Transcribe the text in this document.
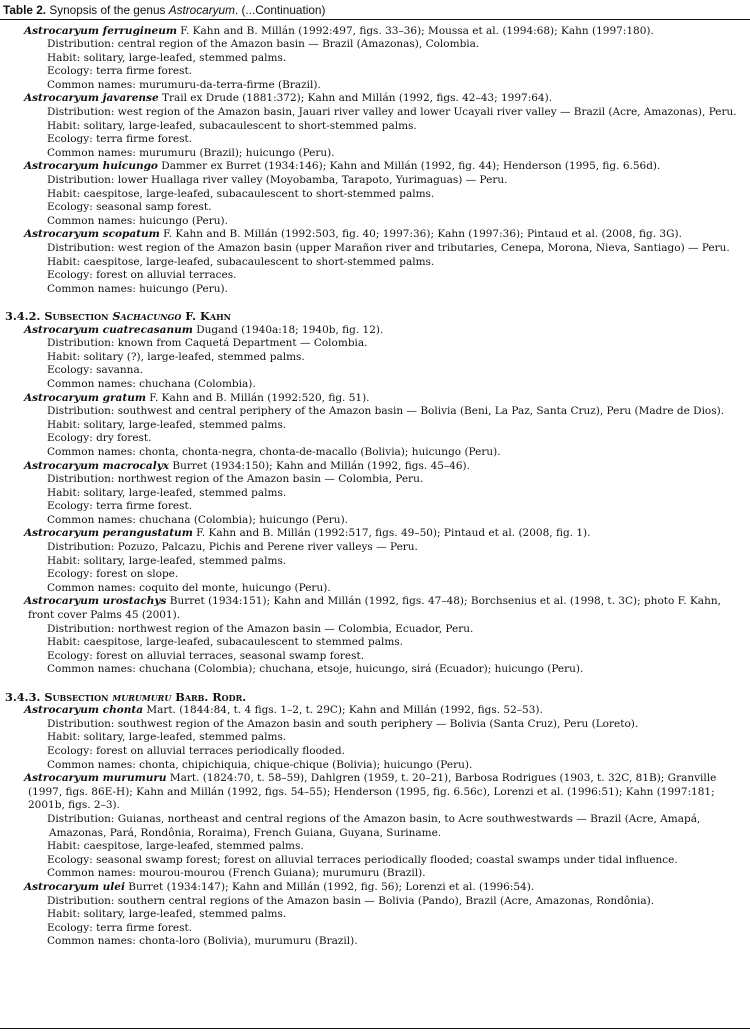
Table 2. Synopsis of the genus Astrocaryum. (...Continuation)
Astrocaryum ferrugineum F. Kahn and B. Millán (1992:497, figs. 33–36); Moussa et al. (1994:68); Kahn (1997:180).
Distribution: central region of the Amazon basin — Brazil (Amazonas), Colombia.
Habit: solitary, large-leafed, stemmed palms.
Ecology: terra firme forest.
Common names: murumuru-da-terra-firme (Brazil).
Astrocaryum javarense Trail ex Drude (1881:372); Kahn and Millán (1992, figs. 42–43; 1997:64).
Distribution: west region of the Amazon basin, Jauari river valley and lower Ucayali river valley — Brazil (Acre, Amazonas), Peru.
Habit: solitary, large-leafed, subacaulescent to short-stemmed palms.
Ecology: terra firme forest.
Common names: murumuru (Brazil); huicungo (Peru).
Astrocaryum huicungo Dammer ex Burret (1934:146); Kahn and Millán (1992, fig. 44); Henderson (1995, fig. 6.56d).
Distribution: lower Huallaga river valley (Moyobamba, Tarapoto, Yurimaguas) — Peru.
Habit: caespitose, large-leafed, subacaulescent to short-stemmed palms.
Ecology: seasonal samp forest.
Common names: huicungo (Peru).
Astrocaryum scopatum F. Kahn and B. Millán (1992:503, fig. 40; 1997:36); Kahn (1997:36); Pintaud et al. (2008, fig. 3G).
Distribution: west region of the Amazon basin (upper Marañon river and tributaries, Cenepa, Morona, Nieva, Santiago) — Peru.
Habit: caespitose, large-leafed, subacaulescent to short-stemmed palms.
Ecology: forest on alluvial terraces.
Common names: huicungo (Peru).
3.4.2. Subsection Sachacungo F. Kahn
Astrocaryum cuatrecasanum Dugand (1940a:18; 1940b, fig. 12).
Distribution: known from Caquetá Department — Colombia.
Habit: solitary (?), large-leafed, stemmed palms.
Ecology: savanna.
Common names: chuchana (Colombia).
Astrocaryum gratum F. Kahn and B. Millán (1992:520, fig. 51).
Distribution: southwest and central periphery of the Amazon basin — Bolivia (Beni, La Paz, Santa Cruz), Peru (Madre de Dios).
Habit: solitary, large-leafed, stemmed palms.
Ecology: dry forest.
Common names: chonta, chonta-negra, chonta-de-macallo (Bolivia); huicungo (Peru).
Astrocaryum macrocalyx Burret (1934:150); Kahn and Millán (1992, figs. 45–46).
Distribution: northwest region of the Amazon basin — Colombia, Peru.
Habit: solitary, large-leafed, stemmed palms.
Ecology: terra firme forest.
Common names: chuchana (Colombia); huicungo (Peru).
Astrocaryum perangustatum F. Kahn and B. Millán (1992:517, figs. 49–50); Pintaud et al. (2008, fig. 1).
Distribution: Pozuzo, Palcazu, Pichis and Perene river valleys — Peru.
Habit: solitary, large-leafed, stemmed palms.
Ecology: forest on slope.
Common names: coquito del monte, huicungo (Peru).
Astrocaryum urostachys Burret (1934:151); Kahn and Millán (1992, figs. 47–48); Borchsenius et al. (1998, t. 3C); photo F. Kahn, front cover Palms 45 (2001).
Distribution: northwest region of the Amazon basin — Colombia, Ecuador, Peru.
Habit: caespitose, large-leafed, subacaulescent to stemmed palms.
Ecology: forest on alluvial terraces, seasonal swamp forest.
Common names: chuchana (Colombia); chuchana, etsoje, huicungo, sirá (Ecuador); huicungo (Peru).
3.4.3. Subsection murumuru Barb. Rodr.
Astrocaryum chonta Mart. (1844:84, t. 4 figs. 1–2, t. 29C); Kahn and Millán (1992, figs. 52–53).
Distribution: southwest region of the Amazon basin and south periphery — Bolivia (Santa Cruz), Peru (Loreto).
Habit: solitary, large-leafed, stemmed palms.
Ecology: forest on alluvial terraces periodically flooded.
Common names: chonta, chipichiquia, chique-chique (Bolivia); huicungo (Peru).
Astrocaryum murumuru Mart. (1824:70, t. 58–59), Dahlgren (1959, t. 20–21), Barbosa Rodrigues (1903, t. 32C, 81B); Granville (1997, figs. 86E-H); Kahn and Millán (1992, figs. 54–55); Henderson (1995, fig. 6.56c), Lorenzi et al. (1996:51); Kahn (1997:181; 2001b, figs. 2–3).
Distribution: Guianas, northeast and central regions of the Amazon basin, to Acre southwestwards — Brazil (Acre, Amapá, Amazonas, Pará, Rondônia, Roraima), French Guiana, Guyana, Suriname.
Habit: caespitose, large-leafed, stemmed palms.
Ecology: seasonal swamp forest; forest on alluvial terraces periodically flooded; coastal swamps under tidal influence.
Common names: mourou-mourou (French Guiana); murumuru (Brazil).
Astrocaryum ulei Burret (1934:147); Kahn and Millán (1992, fig. 56); Lorenzi et al. (1996:54).
Distribution: southern central regions of the Amazon basin — Bolivia (Pando), Brazil (Acre, Amazonas, Rondônia).
Habit: solitary, large-leafed, stemmed palms.
Ecology: terra firme forest.
Common names: chonta-loro (Bolivia), murumuru (Brazil).
